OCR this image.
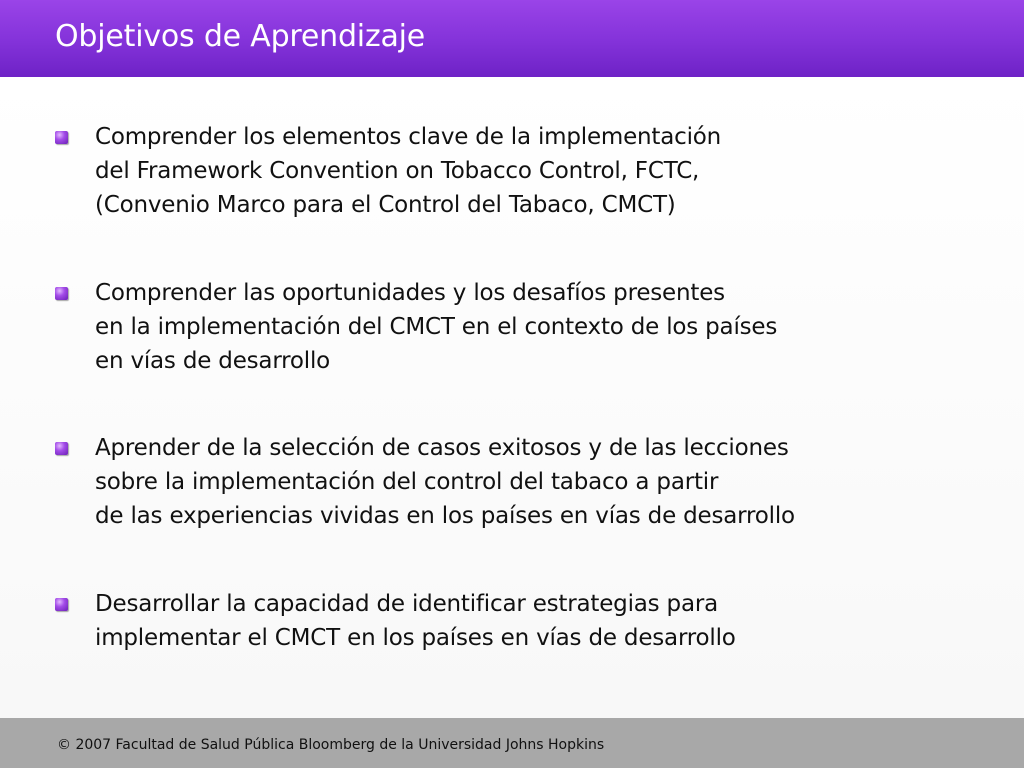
Objetivos de Aprendizaje
Comprender los elementos clave de la implementación
del Framework Convention on Tobacco Control, FCTC,
(Convenio Marco para el Control del Tabaco, CMCT)
Comprender las oportunidades y los desafíos presentes
en la implementación del CMCT en el contexto de los países
en vías de desarrollo
Aprender de la selección de casos exitosos y de las lecciones
sobre la implementación del control del tabaco a partir
de las experiencias vividas en los países en vías de desarrollo
Desarrollar la capacidad de identificar estrategias para
implementar el CMCT en los países en vías de desarrollo
© 2007 Facultad de Salud Pública Bloomberg de la Universidad Johns Hopkins
